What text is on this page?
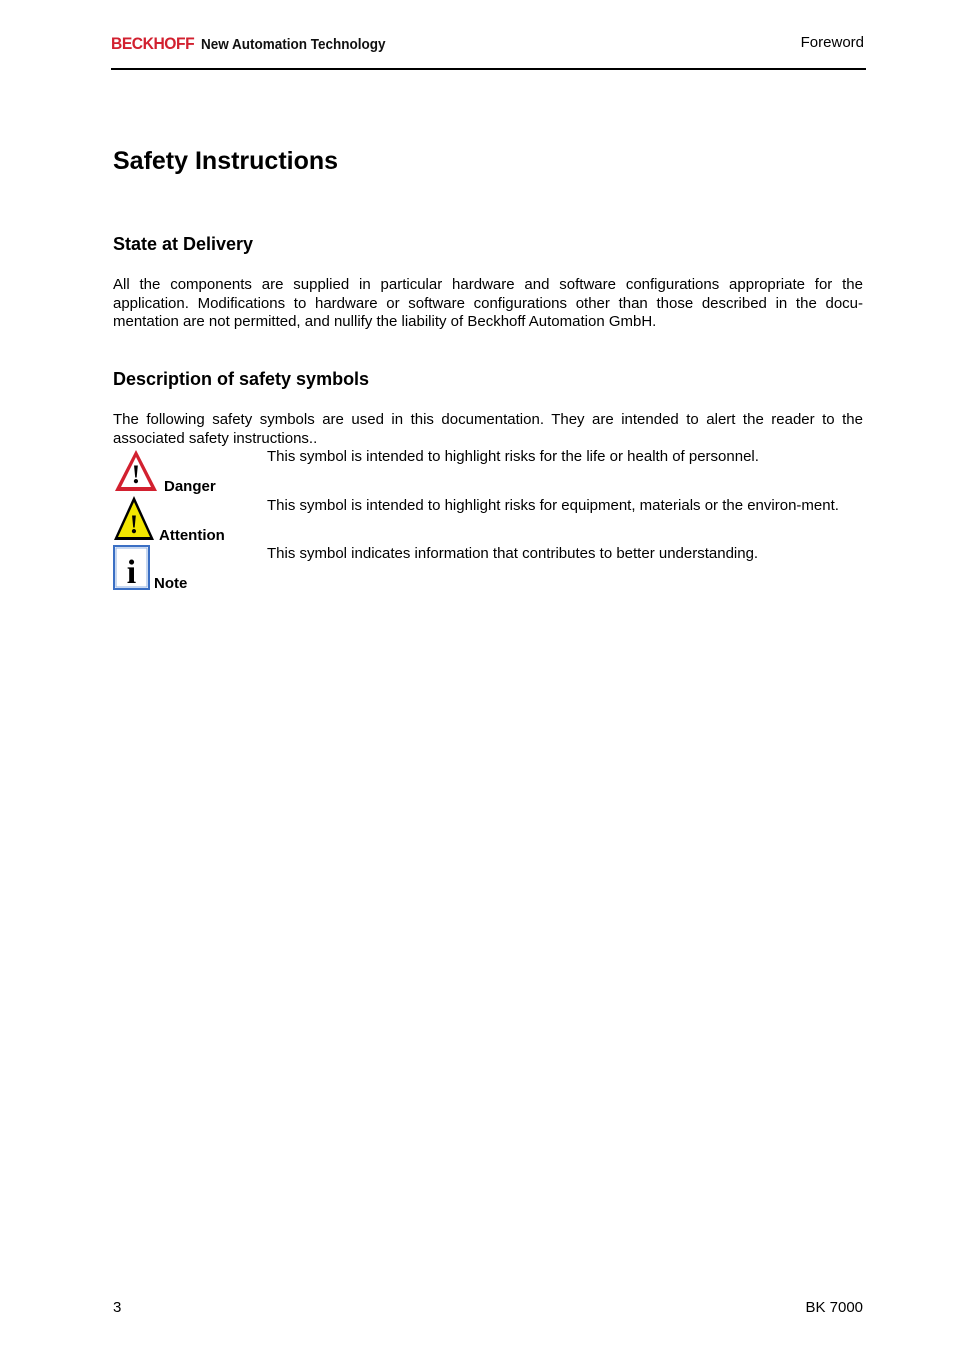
BECKHOFF New Automation Technology	Foreword
Safety Instructions
State at Delivery

All the components are supplied in particular hardware and software configurations appropriate for the application. Modifications to hardware or software configurations other than those described in the docu-mentation are not permitted, and nullify the liability of Beckhoff Automation GmbH.

Description of safety symbols

The following safety symbols are used in this documentation. They are intended to alert the reader to the associated safety instructions..

! Danger

This symbol is intended to highlight risks for the life or health of personnel.

! Attention

This symbol is intended to highlight risks for equipment, materials or the environ-ment.

i Note

This symbol indicates information that contributes to better understanding.

3	BK 7000
